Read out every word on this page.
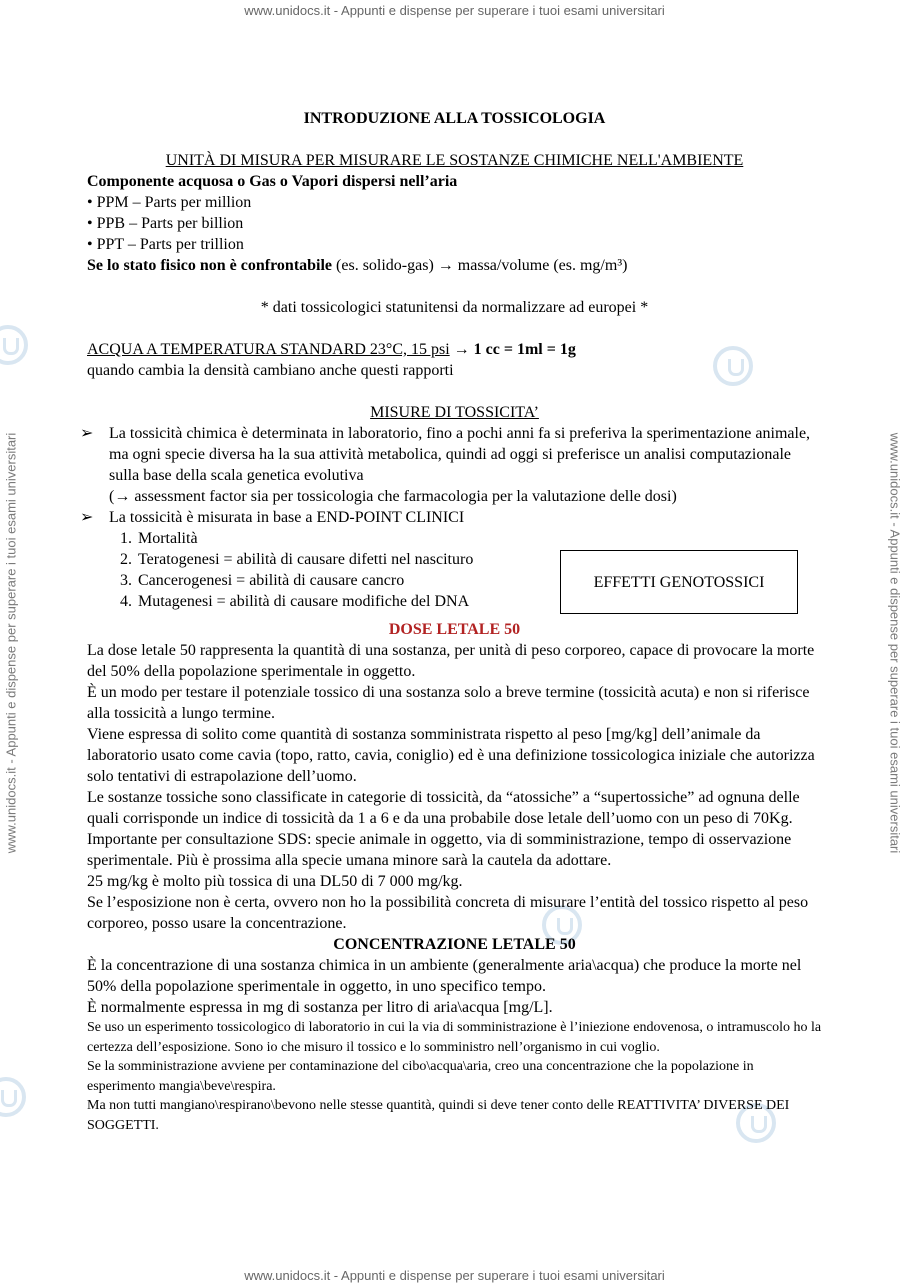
www.unidocs.it - Appunti e dispense per superare i tuoi esami universitari
www.unidocs.it - Appunti e dispense per superare i tuoi esami universitari
www.unidocs.it - Appunti e dispense per superare i tuoi esami universitari	www.unidocs.it - Appunti e dispense per superare i tuoi esami universitari
INTRODUZIONE ALLA TOSSICOLOGIA
UNITÀ DI MISURA PER MISURARE LE SOSTANZE CHIMICHE NELL'AMBIENTE
Componente acquosa o Gas o Vapori dispersi nell’aria
• PPM – Parts per million
• PPB – Parts per billion
• PPT – Parts per trillion
Se lo stato fisico non è confrontabile (es. solido-gas) → massa/volume (es. mg/m³)
* dati tossicologici statunitensi da normalizzare ad europei *
ACQUA A TEMPERATURA STANDARD 23°C, 15 psi → 1 cc = 1ml = 1g
quando cambia la densità cambiano anche questi rapporti
MISURE DI TOSSICITA’
➢ La tossicità chimica è determinata in laboratorio, fino a pochi anni fa si preferiva la sperimentazione animale, ma ogni specie diversa ha la sua attività metabolica, quindi ad oggi si preferisce un analisi computazionale sulla base della scala genetica evolutiva
(→ assessment factor sia per tossicologia che farmacologia per la valutazione delle dosi)
➢ La tossicità è misurata in base a END-POINT CLINICI
1. Mortalità
2. Teratogenesi = abilità di causare difetti nel nascituro
3. Cancerogenesi = abilità di causare cancro
4. Mutagenesi = abilità di causare modifiche del DNA
EFFETTI GENOTOSSICI
DOSE LETALE 50

La dose letale 50 rappresenta la quantità di una sostanza, per unità di peso corporeo, capace di provocare la morte del 50% della popolazione sperimentale in oggetto.

È un modo per testare il potenziale tossico di una sostanza solo a breve termine (tossicità acuta) e non si riferisce alla tossicità a lungo termine.

Viene espressa di solito come quantità di sostanza somministrata rispetto al peso [mg/kg] dell’animale da laboratorio usato come cavia (topo, ratto, cavia, coniglio) ed è una definizione tossicologica iniziale che autorizza solo tentativi di estrapolazione dell’uomo.

Le sostanze tossiche sono classificate in categorie di tossicità, da “atossiche” a “supertossiche” ad ognuna delle quali corrisponde un indice di tossicità da 1 a 6 e da una probabile dose letale dell’uomo con un peso di 70Kg.

Importante per consultazione SDS: specie animale in oggetto, via di somministrazione, tempo di osservazione sperimentale. Più è prossima alla specie umana minore sarà la cautela da adottare.

25 mg/kg è molto più tossica di una DL50 di 7 000 mg/kg.

Se l’esposizione non è certa, ovvero non ho la possibilità concreta di misurare l’entità del tossico rispetto al peso corporeo, posso usare la concentrazione.

CONCENTRAZIONE LETALE 50

È la concentrazione di una sostanza chimica in un ambiente (generalmente aria\acqua) che produce la morte nel 50% della popolazione sperimentale in oggetto, in uno specifico tempo.

È normalmente espressa in mg di sostanza per litro di aria\acqua [mg/L].

Se uso un esperimento tossicologico di laboratorio in cui la via di somministrazione è l’iniezione endovenosa, o intramuscolo ho la certezza dell’esposizione. Sono io che misuro il tossico e lo somministro nell’organismo in cui voglio.

Se la somministrazione avviene per contaminazione del cibo\acqua\aria, creo una concentrazione che la popolazione in esperimento mangia\beve\respira.

Ma non tutti mangiano\respirano\bevono nelle stesse quantità, quindi si deve tener conto delle REATTIVITA’ DIVERSE DEI SOGGETTI.
